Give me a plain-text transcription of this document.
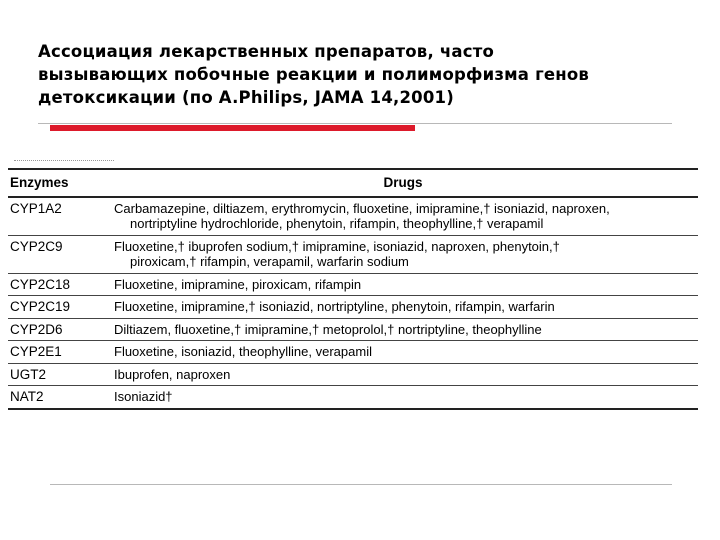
Ассоциация лекарственных препаратов, часто
вызывающих побочные реакции и полиморфизма генов
детоксикации (по A.Philips, JAMA 14,2001)
Enzymes	Drugs
CYP1A2	Carbamazepine, diltiazem, erythromycin, fluoxetine, imipramine,† isoniazid, naproxen,
nortriptyline hydrochloride, phenytoin, rifampin, theophylline,† verapamil

CYP2C9	Fluoxetine,† ibuprofen sodium,† imipramine, isoniazid, naproxen, phenytoin,†
piroxicam,† rifampin, verapamil, warfarin sodium

CYP2C18	Fluoxetine, imipramine, piroxicam, rifampin

CYP2C19	Fluoxetine, imipramine,† isoniazid, nortriptyline, phenytoin, rifampin, warfarin

CYP2D6	Diltiazem, fluoxetine,† imipramine,† metoprolol,† nortriptyline, theophylline

CYP2E1	Fluoxetine, isoniazid, theophylline, verapamil

UGT2	Ibuprofen, naproxen

NAT2	Isoniazid†
